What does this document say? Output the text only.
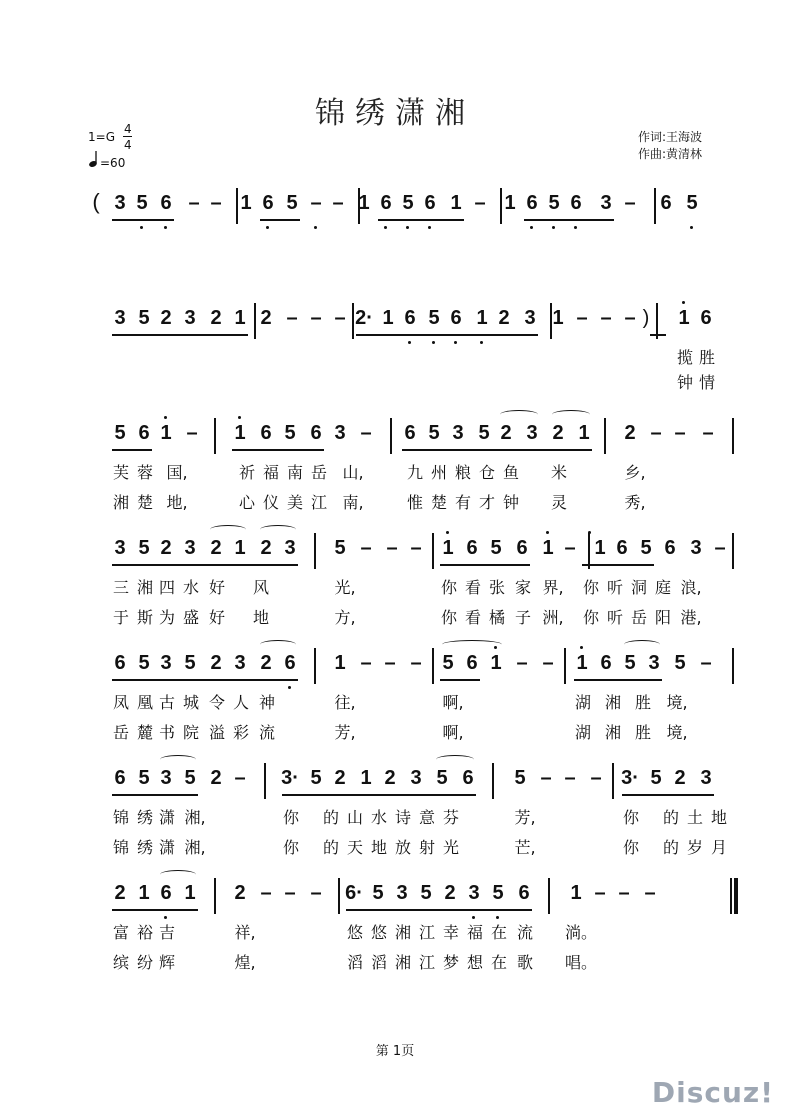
锦绣潇湘
1=G
4
4
=60
作词:王海波
作曲:黄清林
( 3 5 6 – – 1 6 5 – – 1 6 5 6 1 – 1 6 5 6 3 – 6 5
3 5 2 3 2 1 2 – – – 2· 1 6 5 6 1 2 3 1 – – – )	1 6
揽 胜
钟 情
5 6 1 – 1 6 5 6 3 – 6 5 3 5 2 3 2 1 2 – – –
芙 蓉 国,	祈 福 南 岳 山,	九 州 粮 仓 鱼	米	乡,
湘 楚 地,	心 仪 美 江 南,	惟 楚 有 才 钟	灵	秀,
3 5 2 3 2 1 2 3 5 – – – 1 6 5 6 1 – 1 6 5 6 3 –
三 湘 四 水 好	风	光,	你 看 张 家 界,	你 听 洞 庭 浪,
于 斯 为 盛 好	地	方,	你 看 橘 子 洲,	你 听 岳 阳 港,
6 5 3 5 2 3 2 6 1 – – – 5 6 1 – – 1 6 5 3 5 –
凤 凰 古 城 令 人 神	往,	啊,	湖 湘 胜 境,
岳 麓 书 院 溢 彩 流	芳,	啊,	湖 湘 胜 境,
6 5 3 5 2 – 3· 5 2 1 2 3 5 6 5 – – – 3· 5 2 3
锦 绣 潇 湘,	你	的 山 水 诗 意 芬	芳,	你	的 土 地
锦 绣 潇 湘,	你	的 天 地 放 射 光	芒,	你	的 岁 月
2 1 6 1 2 – – – 6· 5 3 5 2 3 5 6 1 – – –
富 裕 吉	祥,	悠 悠 湘 江 幸 福 在 流	淌。
缤 纷 辉	煌,	滔 滔 湘 江 梦 想 在 歌	唱。
第 1页
Discuz!
